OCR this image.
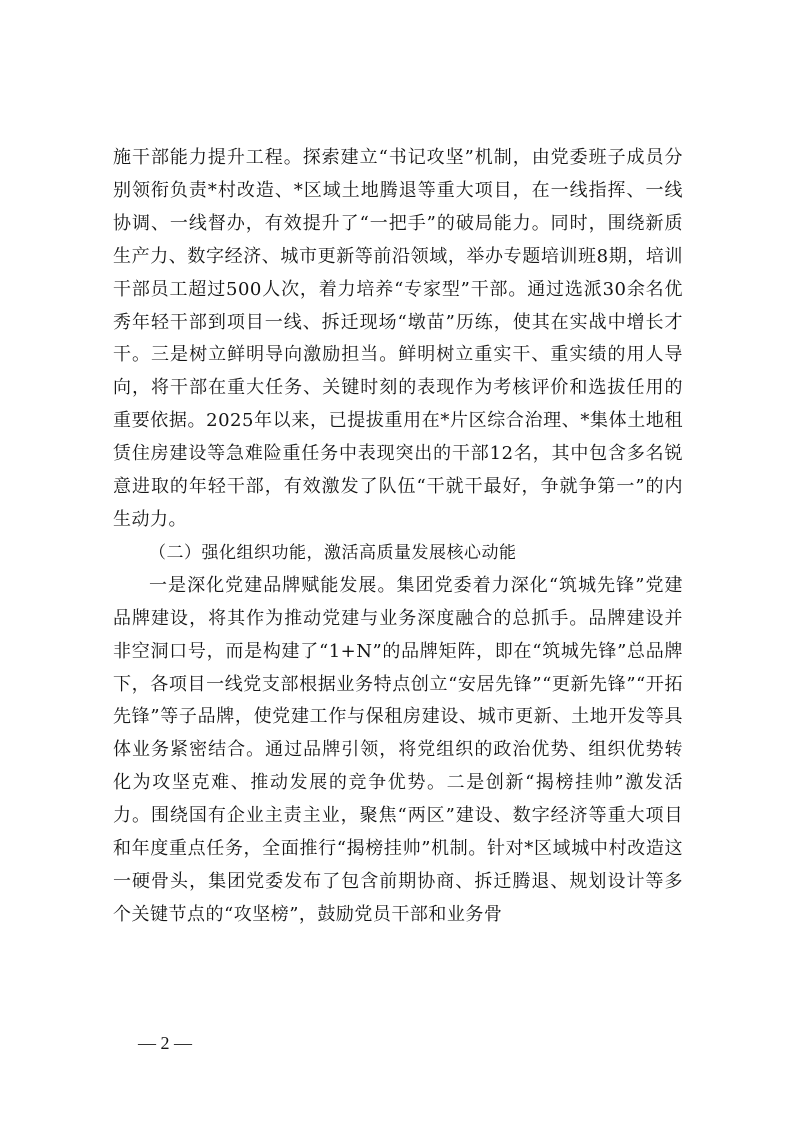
施干部能力提升工程。探索建立“书记攻坚”机制，由党委班子成员分别领衔负责*村改造、*区域土地腾退等重大项目，在一线指挥、一线协调、一线督办，有效提升了“一把手”的破局能力。同时，围绕新质生产力、数字经济、城市更新等前沿领域，举办专题培训班8期，培训干部员工超过500人次，着力培养“专家型”干部。通过选派30余名优秀年轻干部到项目一线、拆迁现场“墩苗”历练，使其在实战中增长才干。三是树立鲜明导向激励担当。鲜明树立重实干、重实绩的用人导向，将干部在重大任务、关键时刻的表现作为考核评价和选拔任用的重要依据。2025年以来，已提拔重用在*片区综合治理、*集体土地租赁住房建设等急难险重任务中表现突出的干部12名，其中包含多名锐意进取的年轻干部，有效激发了队伍“干就干最好，争就争第一”的内生动力。

（二）强化组织功能，激活高质量发展核心动能

一是深化党建品牌赋能发展。集团党委着力深化“筑城先锋”党建品牌建设，将其作为推动党建与业务深度融合的总抓手。品牌建设并非空洞口号，而是构建了“1+N”的品牌矩阵，即在“筑城先锋”总品牌下，各项目一线党支部根据业务特点创立“安居先锋”“更新先锋”“开拓先锋”等子品牌，使党建工作与保租房建设、城市更新、土地开发等具体业务紧密结合。通过品牌引领，将党组织的政治优势、组织优势转化为攻坚克难、推动发展的竞争优势。二是创新“揭榜挂帅”激发活力。围绕国有企业主责主业，聚焦“两区”建设、数字经济等重大项目和年度重点任务，全面推行“揭榜挂帅”机制。针对*区域城中村改造这一硬骨头，集团党委发布了包含前期协商、拆迁腾退、规划设计等多个关键节点的“攻坚榜”，鼓励党员干部和业务骨

— 2 —
